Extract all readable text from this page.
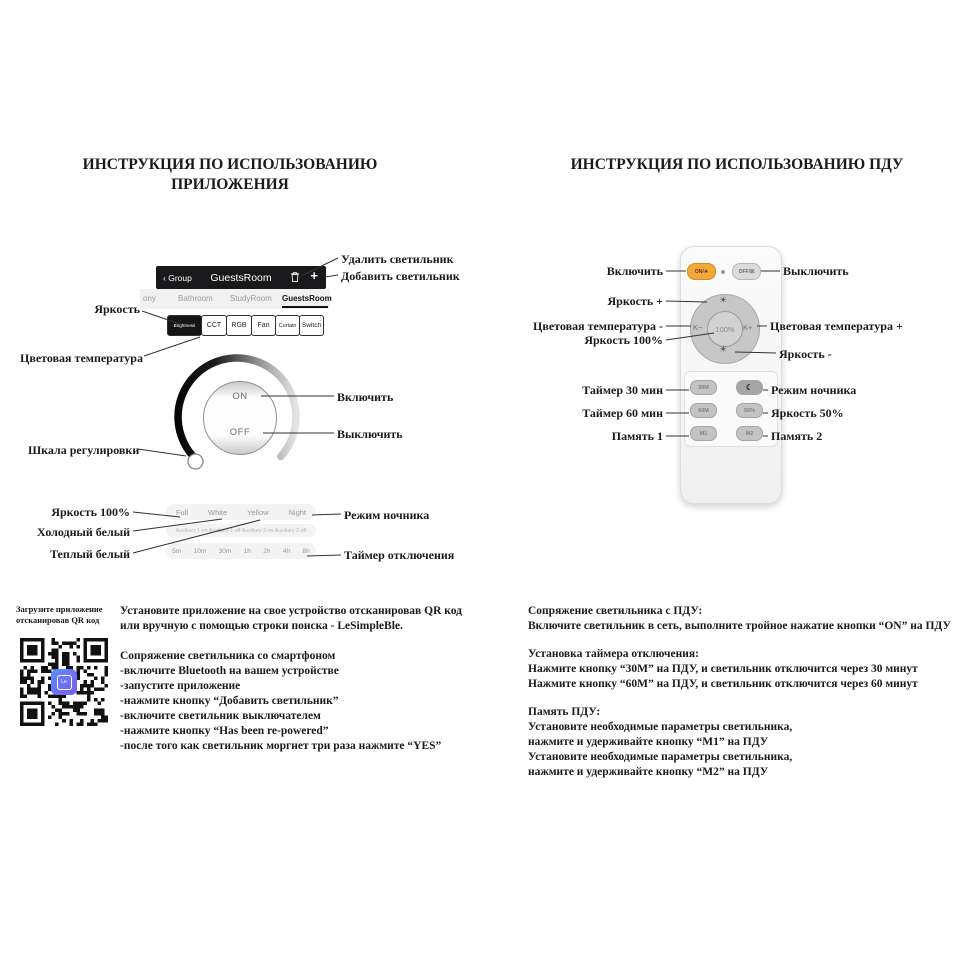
ИНСТРУКЦИЯ ПО ИСПОЛЬЗОВАНИЮ ПРИЛОЖЕНИЯ
ИНСТРУКЦИЯ ПО ИСПОЛЬЗОВАНИЮ ПДУ
‹ Group	GuestsRoom	+
ony	Bathroom StudyRoom GuestsRoom
Brightness	CCT	RGB	Fan	Curtain Switch
⋮
ON
OFF
Full	White	Yellow	Night
Auxiliary 1 on Auxiliary 1 off Auxiliary 2 on Auxiliary 2 off
5m 10m 30m 1h 2h 4h 8h
Удалить светильник
Добавить светильник
Яркость
Цветовая температура
Включить
Выключить
Шкала регулировки
Яркость 100%
Холодный белый
Теплый белый
Режим ночника
Таймер отключения
Загрузите приложение отсканировав QR код
Le
Установите приложение на свое устройство отсканировав QR код или вручную с помощью строки поиска - LeSimpleBle.
Сопряжение светильника со смартфоном
-включите Bluetooth на вашем устройстве
-запустите приложение
-нажмите кнопку “Добавить светильник”
-включите светильник выключателем
-нажмите кнопку “Has been re-powered”
-после того как светильник моргнет три раза нажмите “YES”
ON/☀	OFF/☒
100%
☀
☀
K−	K+
30M	☾
60M	50%
M1	M2
Включить	Выключить
Яркость +
Цветовая температура -
Яркость 100%
Цветовая температура +
Яркость -
Таймер 30 мин	Режим ночника
Таймер 60 мин	Яркость 50%
Память 1	Память 2
Сопряжение светильника с ПДУ:
Включите светильник в сеть, выполните тройное нажатие кнопки “ON” на ПДУ
Установка таймера отключения:
Нажмите кнопку “30M” на ПДУ, и светильник отключится через 30 минут
Нажмите кнопку “60M” на ПДУ, и светильник отключится через 60 минут
Память ПДУ:
Установите необходимые параметры светильника,
нажмите и удерживайте кнопку “M1” на ПДУ
Установите необходимые параметры светильника,
нажмите и удерживайте кнопку “M2” на ПДУ
